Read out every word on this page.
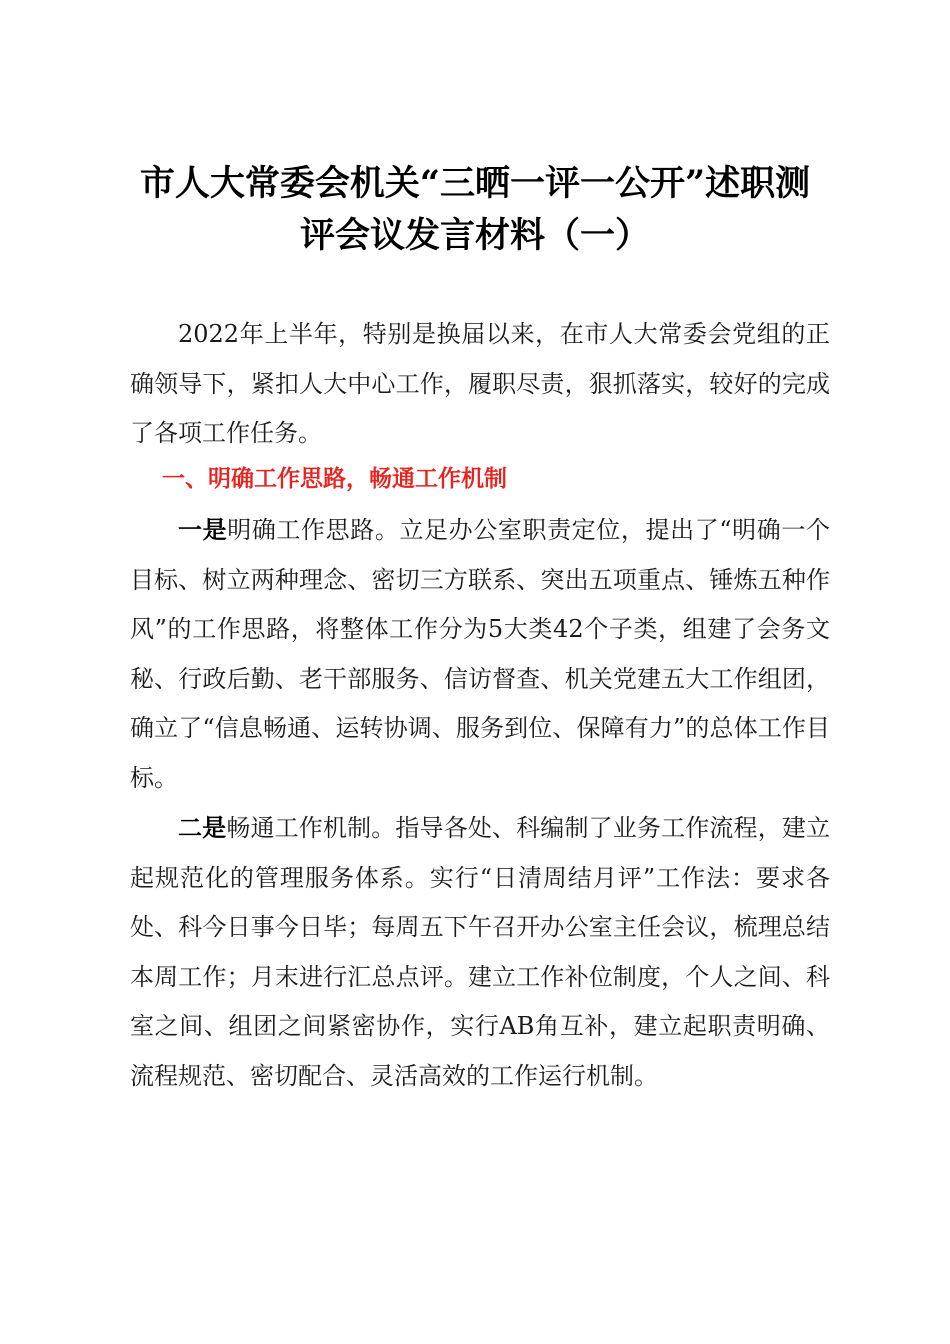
市人大常委会机关“三晒一评一公开”述职测
评会议发言材料（一）

2022年上半年，特别是换届以来，在市人大常委会党组的正确领导下，紧扣人大中心工作，履职尽责，狠抓落实，较好的完成了各项工作任务。

一、明确工作思路，畅通工作机制

一是明确工作思路。立足办公室职责定位，提出了“明确一个目标、树立两种理念、密切三方联系、突出五项重点、锤炼五种作风”的工作思路，将整体工作分为5大类42个子类，组建了会务文秘、行政后勤、老干部服务、信访督查、机关党建五大工作组团，确立了“信息畅通、运转协调、服务到位、保障有力”的总体工作目标。

二是畅通工作机制。指导各处、科编制了业务工作流程，建立起规范化的管理服务体系。实行“日清周结月评”工作法：要求各处、科今日事今日毕；每周五下午召开办公室主任会议，梳理总结本周工作；月末进行汇总点评。建立工作补位制度，个人之间、科室之间、组团之间紧密协作，实行AB角互补，建立起职责明确、流程规范、密切配合、灵活高效的工作运行机制。
